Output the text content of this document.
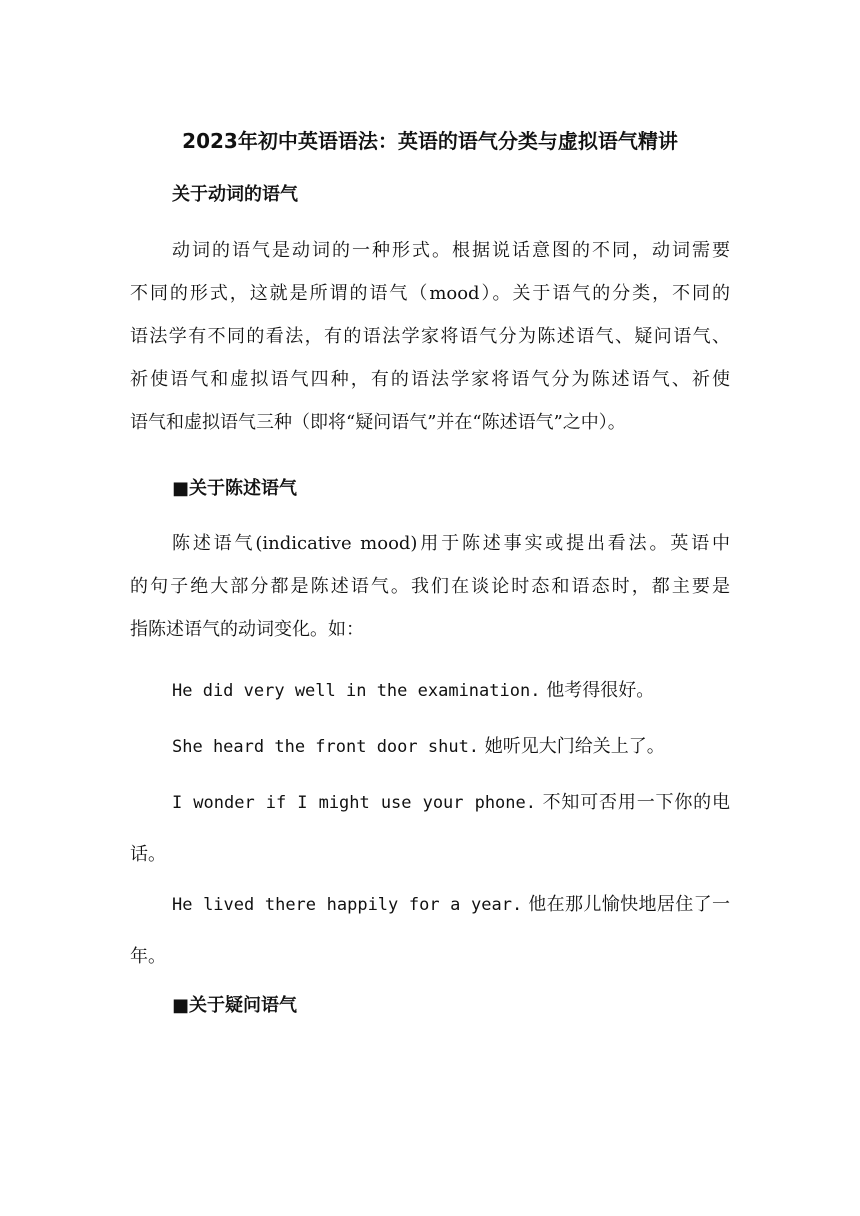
2023年初中英语语法：英语的语气分类与虚拟语气精讲
关于动词的语气

动词的语气是动词的一种形式。根据说话意图的不同，动词需要
不同的形式，这就是所谓的语气（mood）。关于语气的分类，不同的
语法学有不同的看法，有的语法学家将语气分为陈述语气、疑问语气、
祈使语气和虚拟语气四种，有的语法学家将语气分为陈述语气、祈使
语气和虚拟语气三种（即将“疑问语气”并在“陈述语气”之中）。

■关于陈述语气

陈述语气(indicative mood)用于陈述事实或提出看法。英语中
的句子绝大部分都是陈述语气。我们在谈论时态和语态时，都主要是
指陈述语气的动词变化。如：

He did very well in the examination. 他考得很好。

She heard the front door shut. 她听见大门给关上了。

I wonder if I might use your phone. 不知可否用一下你的电话。

He lived there happily for a year. 他在那儿愉快地居住了一年。

■关于疑问语气
